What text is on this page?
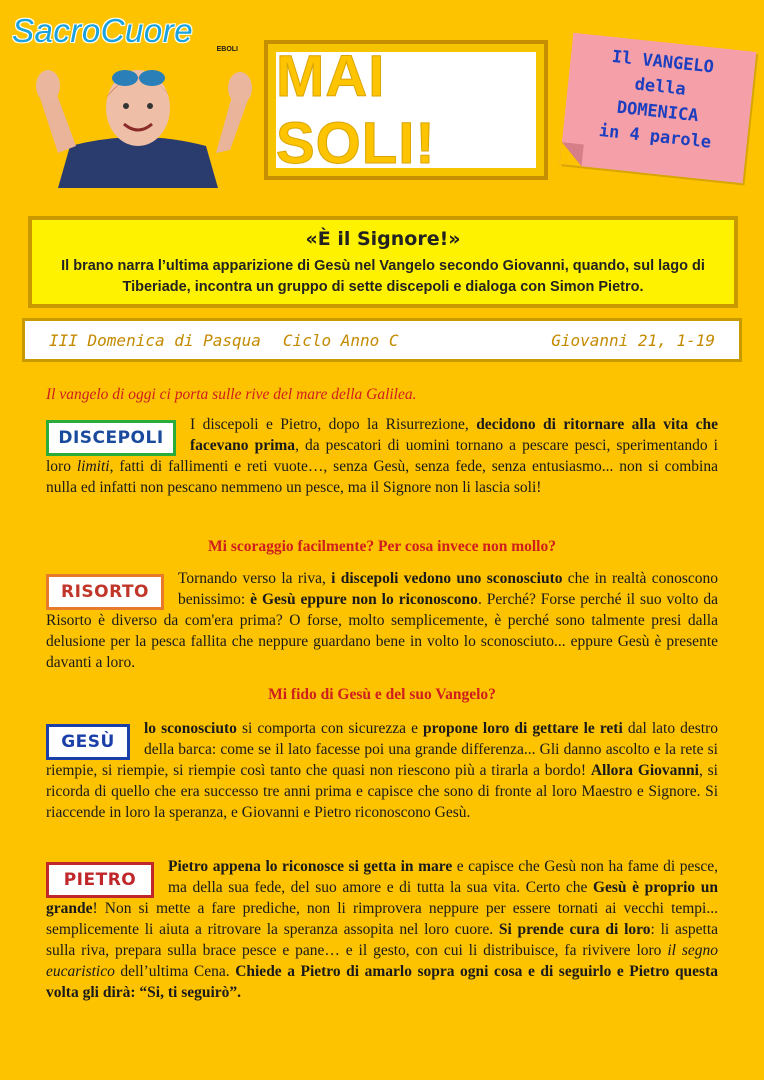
SacroCuore
EBOLI MAI SOLI!
Il VANGELO
della
DOMENICA
in 4 parole
«È il Signore!»
Il brano narra l’ultima apparizione di Gesù nel Vangelo secondo Giovanni, quando, sul lago di Tiberiade, incontra un gruppo di sette discepoli e dialoga con Simon Pietro.
III Domenica di Pasqua Ciclo Anno C	Giovanni 21, 1-19
Il vangelo di oggi ci porta sulle rive del mare della Galilea.
DISCEPOLI
I discepoli e Pietro, dopo la Risurrezione, decidono di ritornare alla vita che facevano prima, da pescatori di uomini tornano a pescare pesci, sperimentando i loro limiti, fatti di fallimenti e reti vuote…, senza Gesù, senza fede, senza entusiasmo... non si combina nulla ed infatti non pescano nemmeno un pesce, ma il Signore non li lascia soli!
Mi scoraggio facilmente? Per cosa invece non mollo?
RISORTO
Tornando verso la riva, i discepoli vedono uno sconosciuto che in realtà conoscono benissimo: è Gesù eppure non lo riconoscono. Perché? Forse perché il suo volto da Risorto è diverso da com'era prima? O forse, molto semplicemente, è perché sono talmente presi dalla delusione per la pesca fallita che neppure guardano bene in volto lo sconosciuto... eppure Gesù è presente davanti a loro.
Mi fido di Gesù e del suo Vangelo?
GESÙ
lo sconosciuto si comporta con sicurezza e propone loro di gettare le reti dal lato destro della barca: come se il lato facesse poi una grande differenza... Gli danno ascolto e la rete si riempie, si riempie, si riempie così tanto che quasi non riescono più a tirarla a bordo! Allora Giovanni, si ricorda di quello che era successo tre anni prima e capisce che sono di fronte al loro Maestro e Signore. Si riaccende in loro la speranza, e Giovanni e Pietro riconoscono Gesù.
PIETRO
Pietro appena lo riconosce si getta in mare e capisce che Gesù non ha fame di pesce, ma della sua fede, del suo amore e di tutta la sua vita. Certo che Gesù è proprio un grande! Non si mette a fare prediche, non li rimprovera neppure per essere tornati ai vecchi tempi... semplicemente li aiuta a ritrovare la speranza assopita nel loro cuore. Si prende cura di loro: li aspetta sulla riva, prepara sulla brace pesce e pane… e il gesto, con cui li distribuisce, fa rivivere loro il segno eucaristico dell’ultima Cena. Chiede a Pietro di amarlo sopra ogni cosa e di seguirlo e Pietro questa volta gli dirà: “Si, ti seguirò”.
